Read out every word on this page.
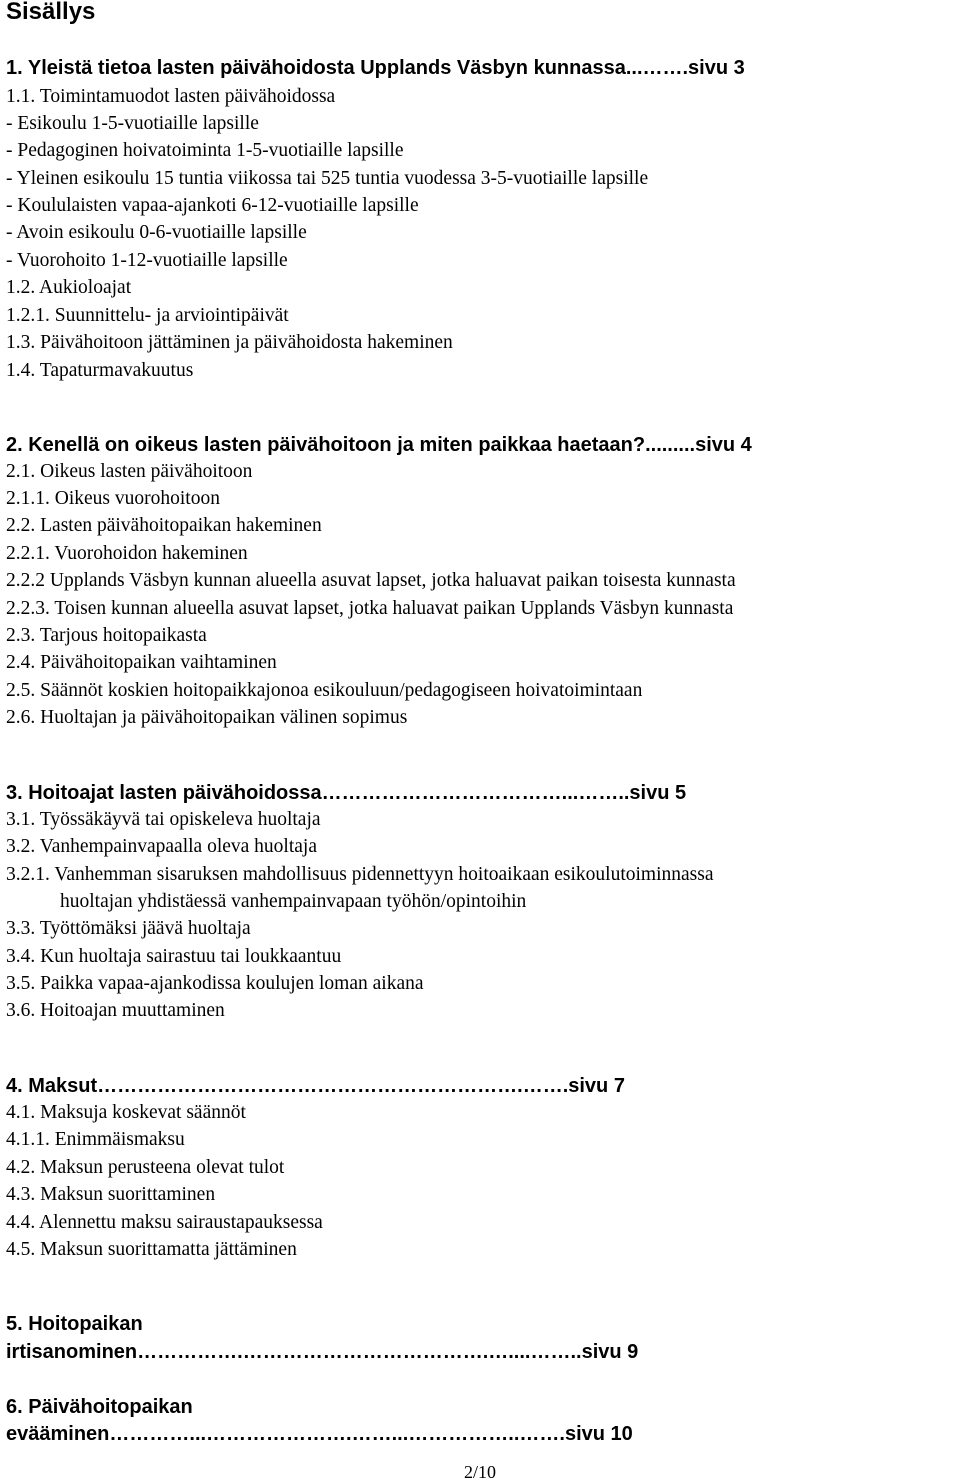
Sisällys
1. Yleistä tietoa lasten päivähoidosta Upplands Väsbyn kunnassa...…….sivu 3
1.1. Toimintamuodot lasten päivähoidossa
- Esikoulu 1-5-vuotiaille lapsille
- Pedagoginen hoivatoiminta 1-5-vuotiaille lapsille
- Yleinen esikoulu 15 tuntia viikossa tai 525 tuntia vuodessa 3-5-vuotiaille lapsille
- Koululaisten vapaa-ajankoti 6-12-vuotiaille lapsille
- Avoin esikoulu 0-6-vuotiaille lapsille
- Vuorohoito 1-12-vuotiaille lapsille
1.2. Aukioloajat
1.2.1. Suunnittelu- ja arviointipäivät
1.3. Päivähoitoon jättäminen ja päivähoidosta hakeminen
1.4. Tapaturmavakuutus
2. Kenellä on oikeus lasten päivähoitoon ja miten paikkaa haetaan?.........sivu 4
2.1. Oikeus lasten päivähoitoon
2.1.1. Oikeus vuorohoitoon
2.2. Lasten päivähoitopaikan hakeminen
2.2.1. Vuorohoidon hakeminen
2.2.2 Upplands Väsbyn kunnan alueella asuvat lapset, jotka haluavat paikan toisesta kunnasta
2.2.3. Toisen kunnan alueella asuvat lapset, jotka haluavat paikan Upplands Väsbyn kunnasta
2.3. Tarjous hoitopaikasta
2.4. Päivähoitopaikan vaihtaminen
2.5. Säännöt koskien hoitopaikkajonoa esikouluun/pedagogiseen hoivatoimintaan
2.6. Huoltajan ja päivähoitopaikan välinen sopimus
3. Hoitoajat lasten päivähoidossa………………………………...……..sivu 5
3.1. Työssäkäyvä tai opiskeleva huoltaja
3.2. Vanhempainvapaalla oleva huoltaja
3.2.1. Vanhemman sisaruksen mahdollisuus pidennettyyn hoitoaikaan esikoulutoiminnassa
huoltajan yhdistäessä vanhempainvapaan työhön/opintoihin
3.3. Työttömäksi jäävä huoltaja
3.4. Kun huoltaja sairastuu tai loukkaantuu
3.5. Paikka vapaa-ajankodissa koulujen loman aikana
3.6. Hoitoajan muuttaminen
4. Maksut……………………………………………………….…….sivu 7
4.1. Maksuja koskevat säännöt
4.1.1. Enimmäismaksu
4.2. Maksun perusteena olevat tulot
4.3. Maksun suorittaminen
4.4. Alennettu maksu sairaustapauksessa
4.5. Maksun suorittamatta jättäminen
5. Hoitopaikan
irtisanominen…………….……………………………….…....……..sivu 9
6. Päivähoitopaikan
evääminen…………...………………….……...……………..…….sivu 10
2/10
